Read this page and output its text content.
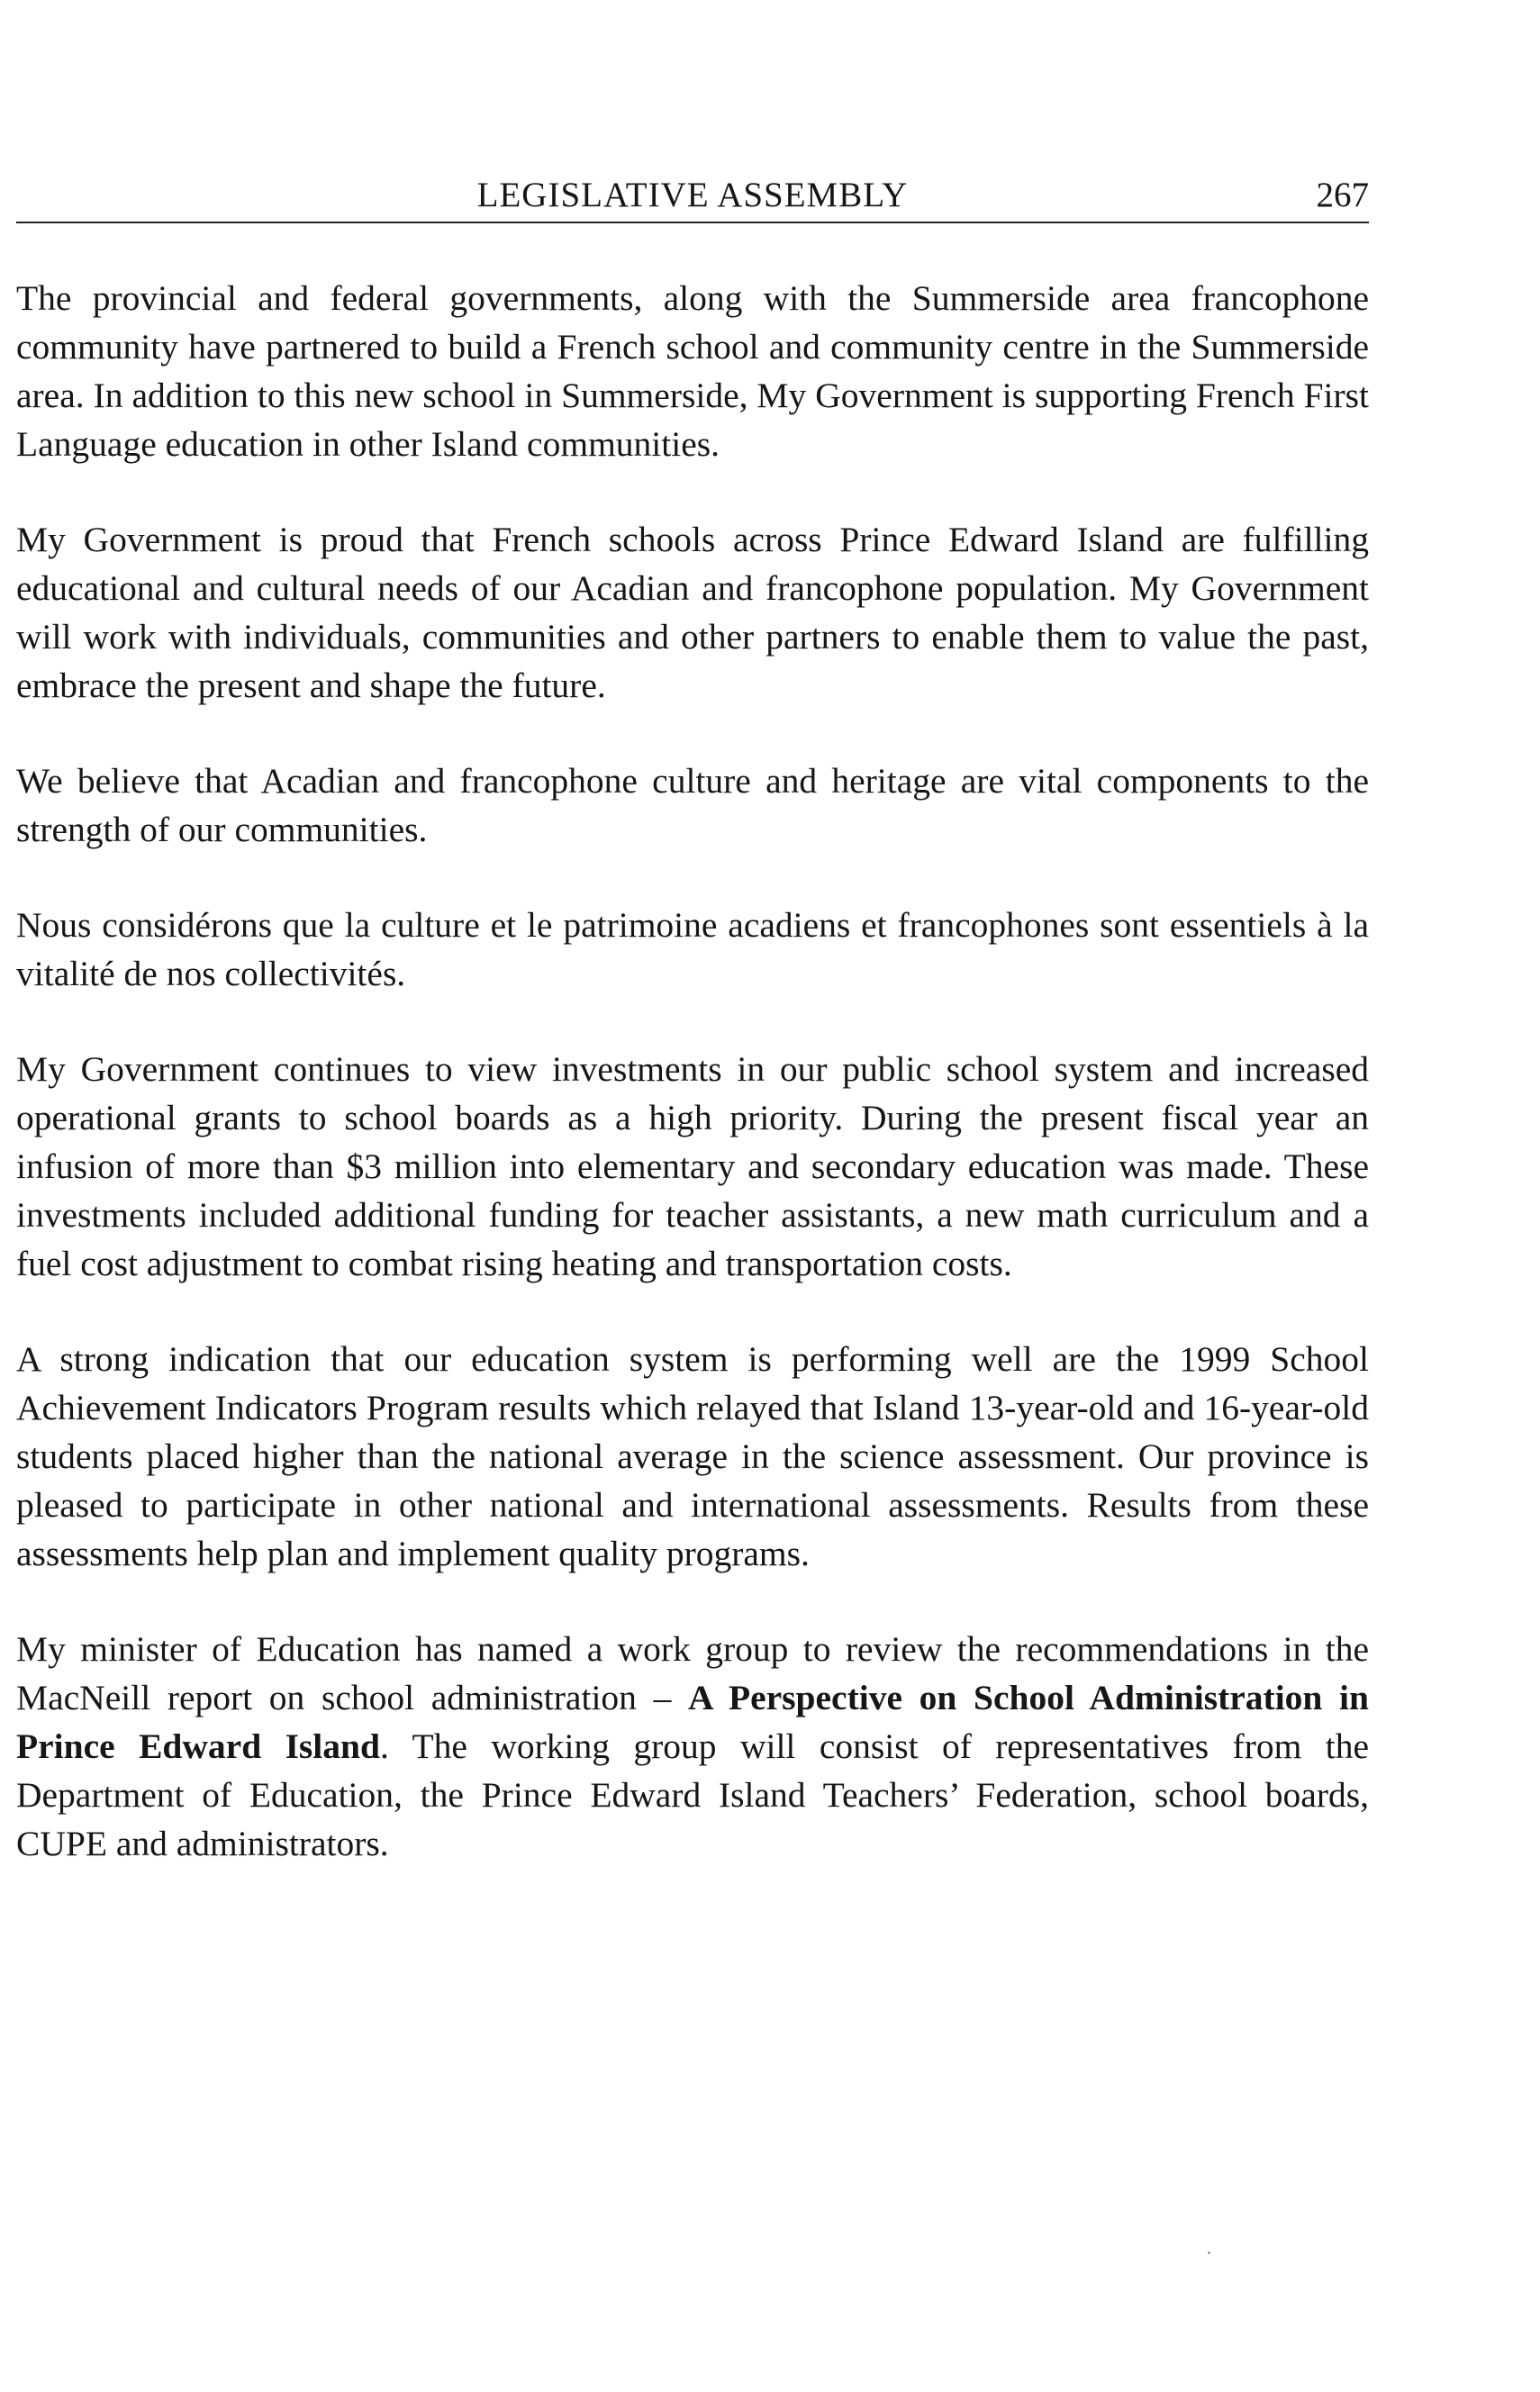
LEGISLATIVE ASSEMBLY	267

The provincial and federal governments, along with the Summerside area francophone community have partnered to build a French school and community centre in the Summerside area. In addition to this new school in Summerside, My Government is supporting French First Language education in other Island communities.

My Government is proud that French schools across Prince Edward Island are fulfilling educational and cultural needs of our Acadian and francophone population. My Government will work with individuals, communities and other partners to enable them to value the past, embrace the present and shape the future.

We believe that Acadian and francophone culture and heritage are vital components to the strength of our communities.

Nous considérons que la culture et le patrimoine acadiens et francophones sont essentiels à la vitalité de nos collectivités.

My Government continues to view investments in our public school system and increased operational grants to school boards as a high priority. During the present fiscal year an infusion of more than $3 million into elementary and secondary education was made. These investments included additional funding for teacher assistants, a new math curriculum and a fuel cost adjustment to combat rising heating and transportation costs.

A strong indication that our education system is performing well are the 1999 School Achievement Indicators Program results which relayed that Island 13-year-old and 16-year-old students placed higher than the national average in the science assessment. Our province is pleased to participate in other national and international assessments. Results from these assessments help plan and implement quality programs.

My minister of Education has named a work group to review the recommendations in the MacNeill report on school administration – A Perspective on School Administration in Prince Edward Island. The working group will consist of representatives from the Department of Education, the Prince Edward Island Teachers’ Federation, school boards, CUPE and administrators.
